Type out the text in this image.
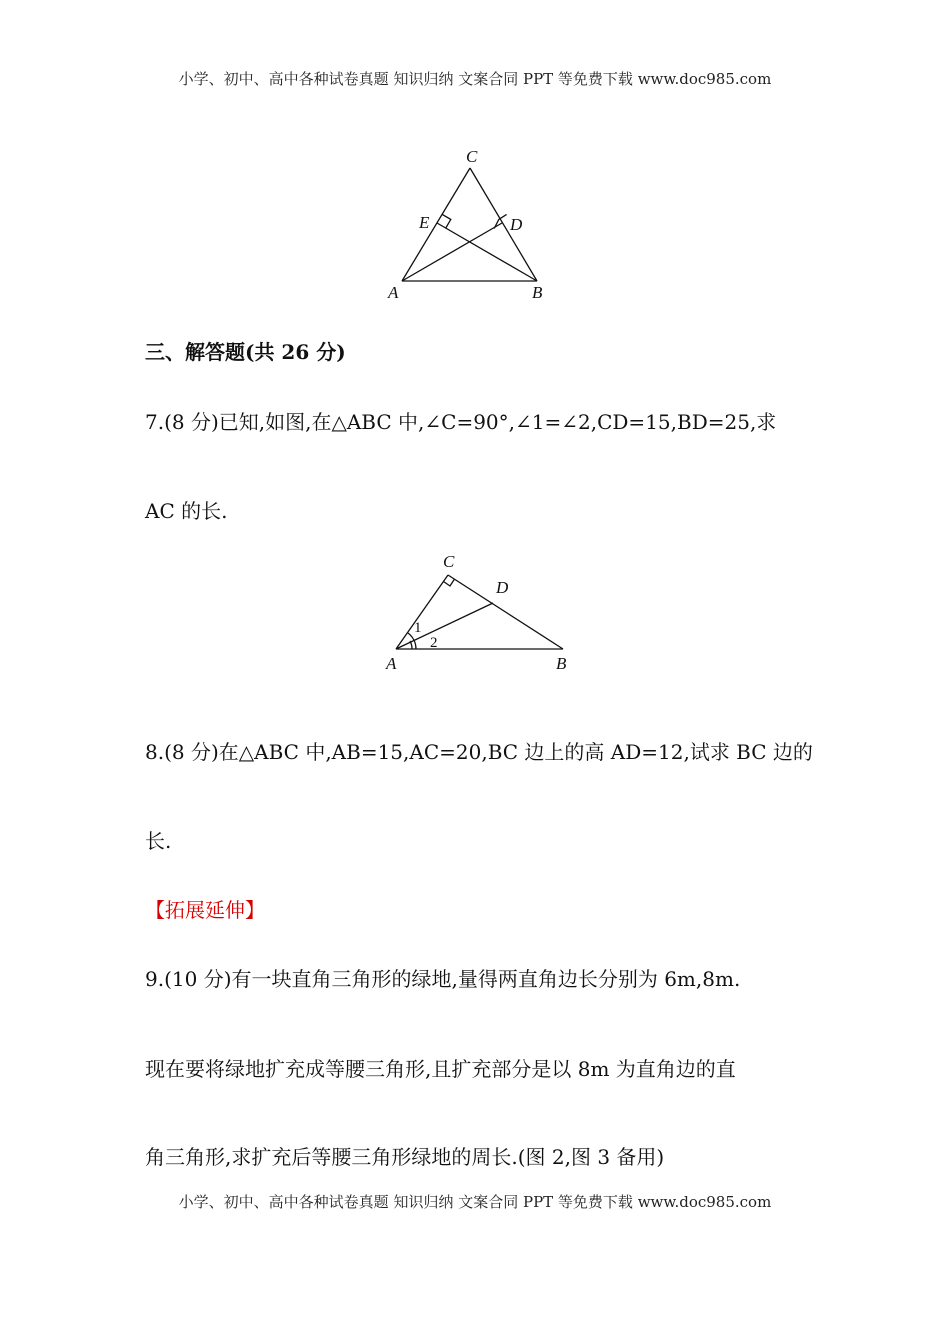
小学、初中、高中各种试卷真题 知识归纳 文案合同 PPT 等免费下载 www.doc985.com
C
E	D
A	B
三、解答题(共 26 分)
7.(8 分)已知,如图,在△ABC 中,∠C=90°,∠1=∠2,CD=15,BD=25,求
AC 的长.
C
D
A	B
1
2
8.(8 分)在△ABC 中,AB=15,AC=20,BC 边上的高 AD=12,试求 BC 边的
长.
【拓展延伸】
9.(10 分)有一块直角三角形的绿地,量得两直角边长分别为 6m,8m.
现在要将绿地扩充成等腰三角形,且扩充部分是以 8m 为直角边的直
角三角形,求扩充后等腰三角形绿地的周长.(图 2,图 3 备用)
小学、初中、高中各种试卷真题 知识归纳 文案合同 PPT 等免费下载 www.doc985.com
